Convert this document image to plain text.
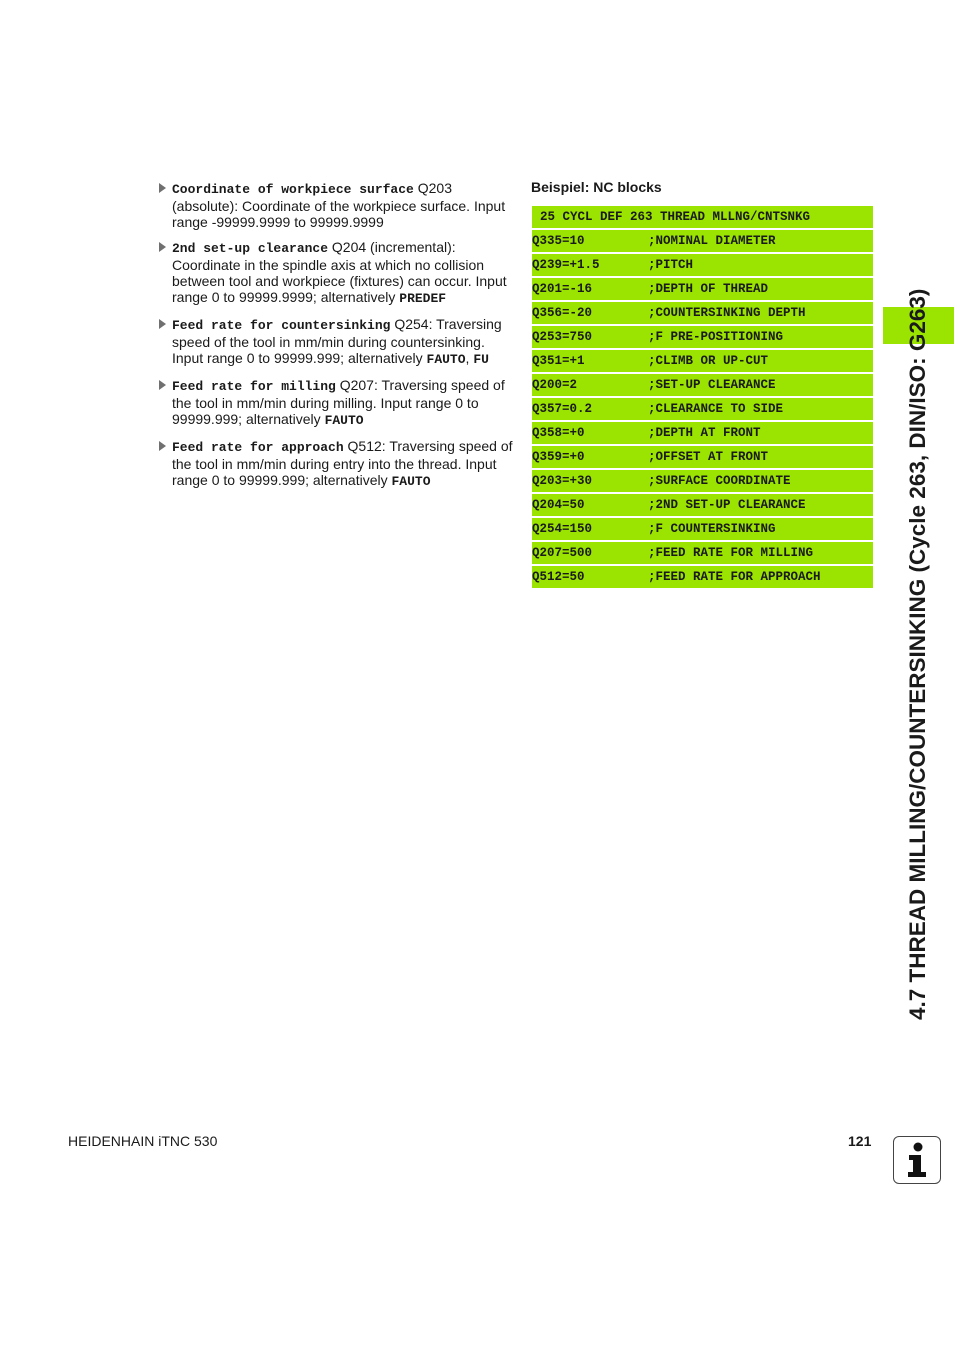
Coordinate of workpiece surface Q203 (absolute): Coordinate of the workpiece surface. Input range -99999.9999 to 99999.9999
2nd set-up clearance Q204 (incremental): Coordinate in the spindle axis at which no collision between tool and workpiece (fixtures) can occur. Input range 0 to 99999.9999; alternatively PREDEF
Feed rate for countersinking Q254: Traversing speed of the tool in mm/min during countersinking. Input range 0 to 99999.999; alternatively FAUTO, FU
Feed rate for milling Q207: Traversing speed of the tool in mm/min during milling. Input range 0 to 99999.999; alternatively FAUTO
Feed rate for approach Q512: Traversing speed of the tool in mm/min during entry into the thread. Input range 0 to 99999.999; alternatively FAUTO
Beispiel: NC blocks
25 CYCL DEF 263 THREAD MLLNG/CNTSNKG
Q335=10	;NOMINAL DIAMETER
Q239=+1.5	;PITCH
Q201=-16	;DEPTH OF THREAD
Q356=-20	;COUNTERSINKING DEPTH
Q253=750	;F PRE-POSITIONING
Q351=+1	;CLIMB OR UP-CUT
Q200=2	;SET-UP CLEARANCE
Q357=0.2	;CLEARANCE TO SIDE
Q358=+0	;DEPTH AT FRONT
Q359=+0	;OFFSET AT FRONT
Q203=+30	;SURFACE COORDINATE
Q204=50	;2ND SET-UP CLEARANCE
Q254=150	;F COUNTERSINKING
Q207=500	;FEED RATE FOR MILLING
Q512=50	;FEED RATE FOR APPROACH	4.7 THREAD MILLING/COUNTERSINKING (Cycle 263, DIN/ISO: G263)
HEIDENHAIN iTNC 530	121
